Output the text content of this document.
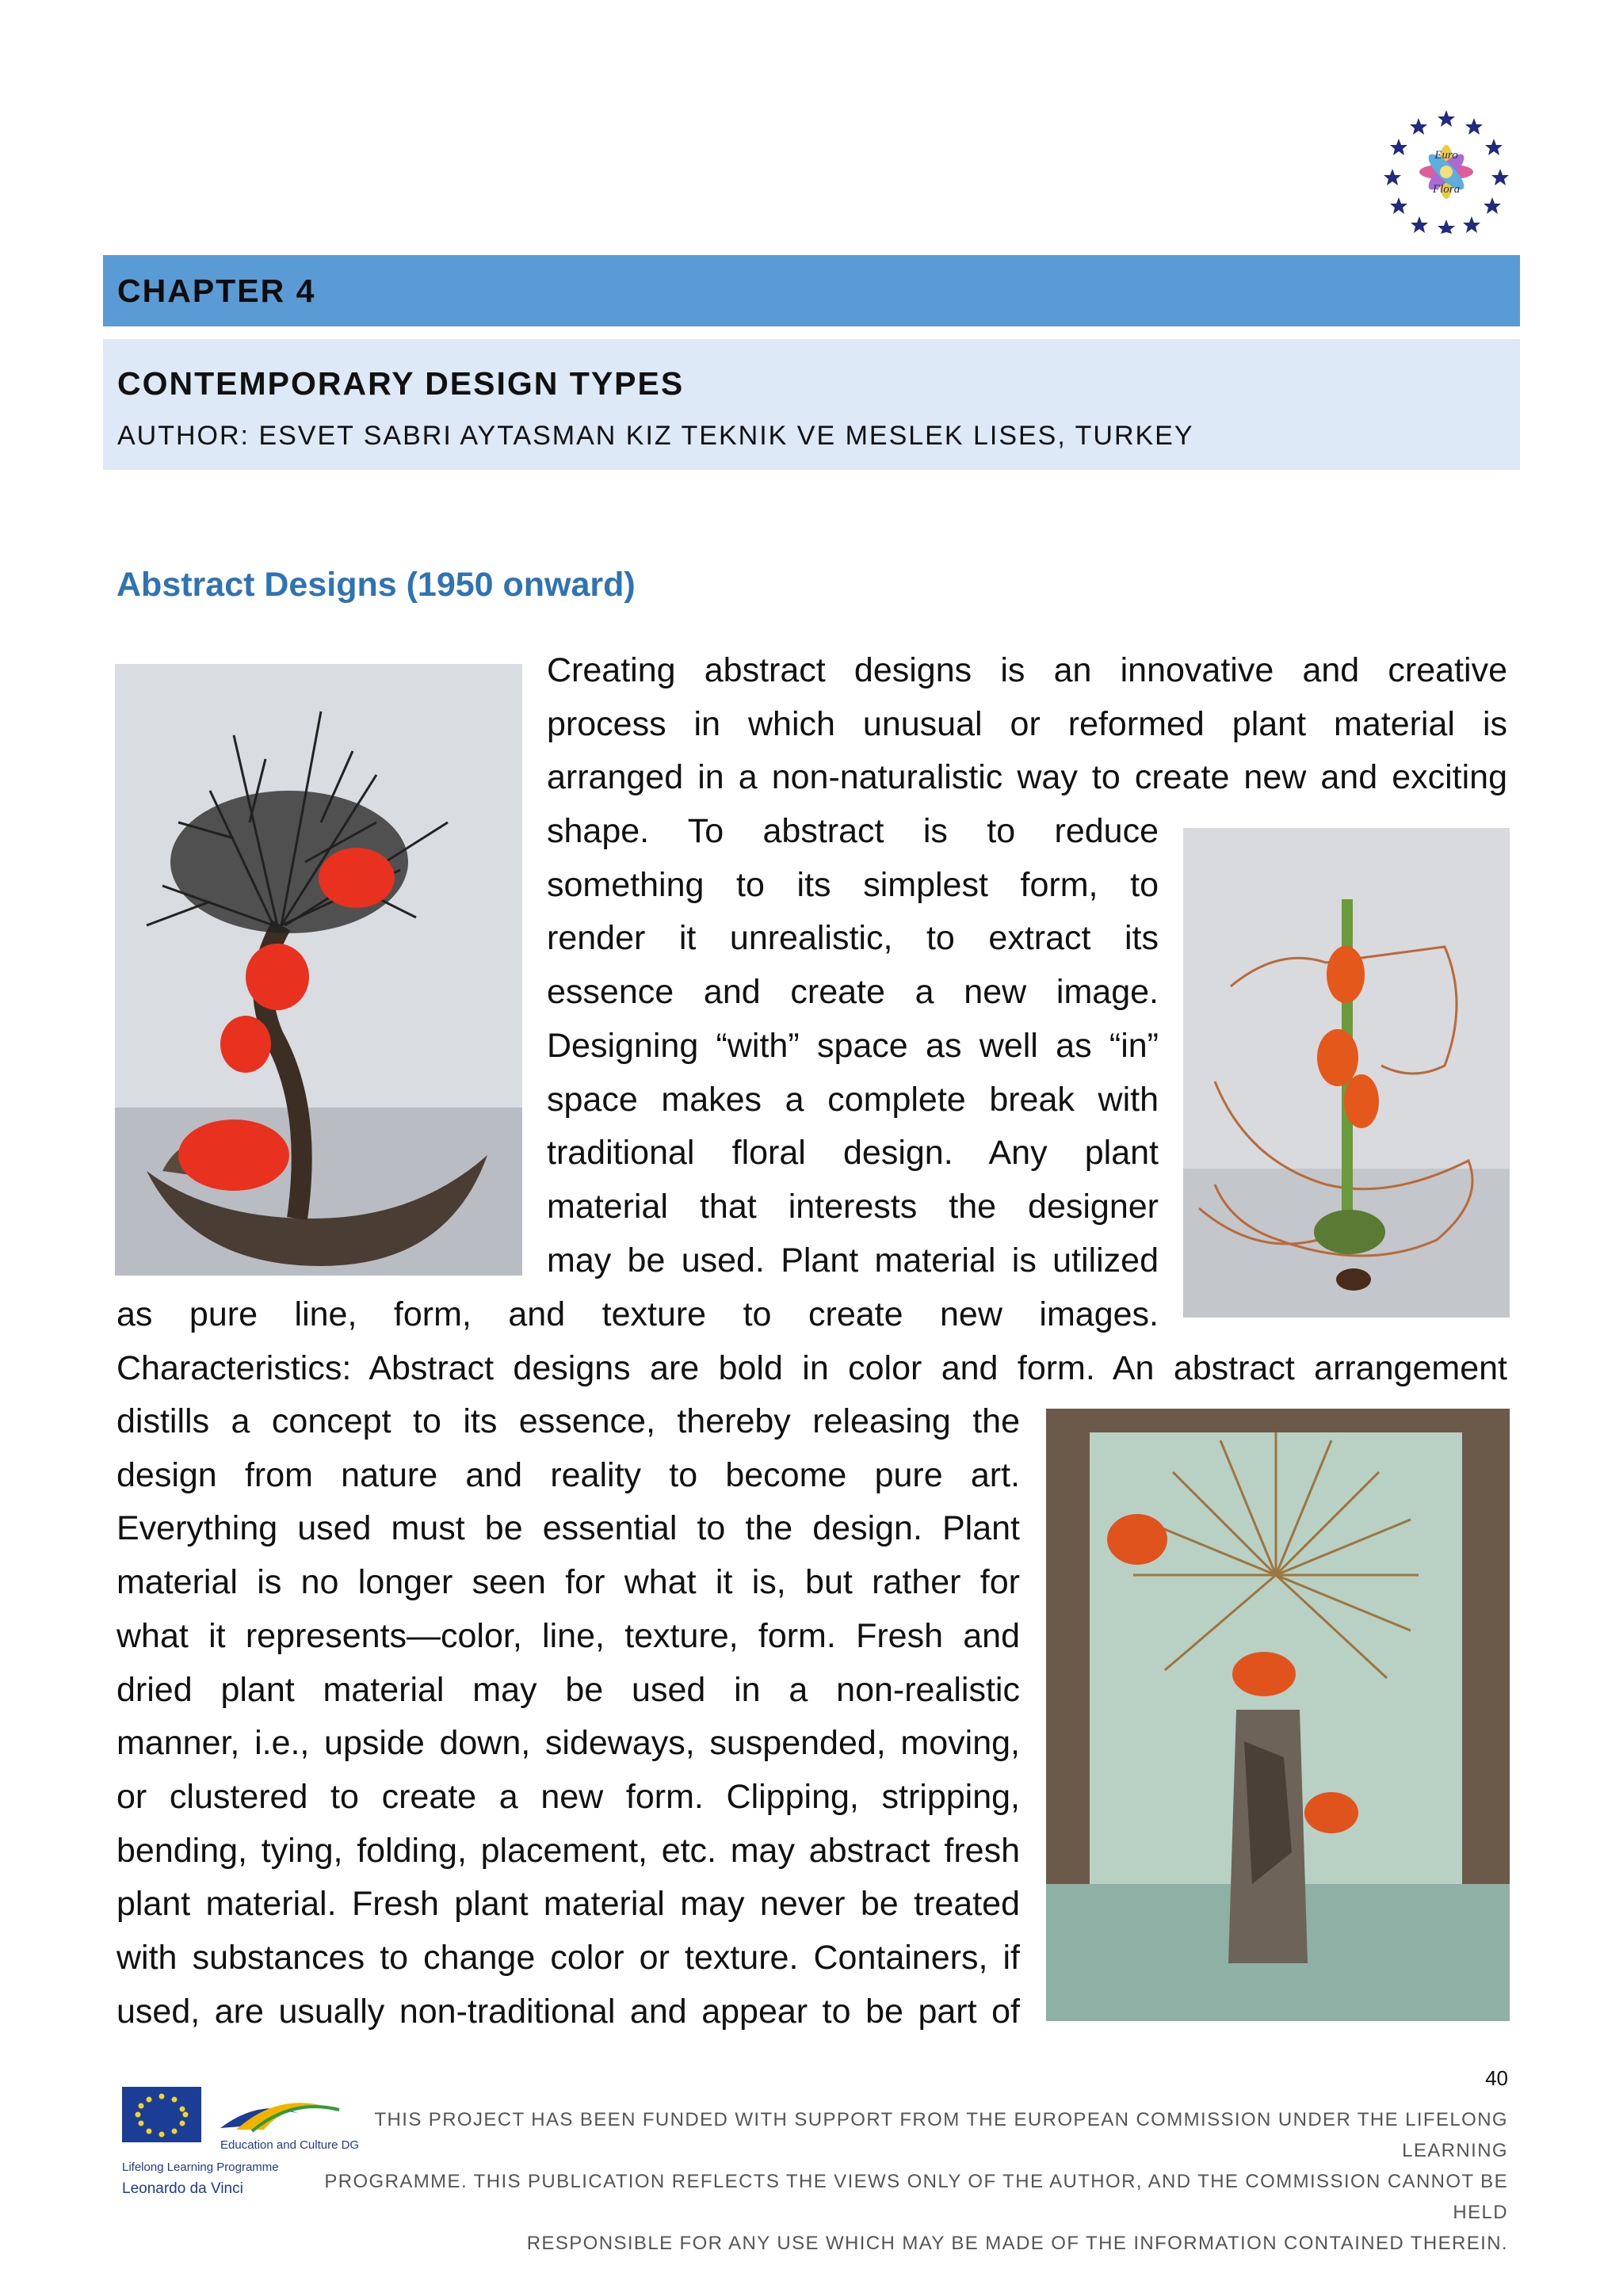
Euro
Flora
CHAPTER 4
CONTEMPORARY DESIGN TYPES
AUTHOR: ESVET SABRI AYTASMAN KIZ TEKNIK VE MESLEK LISES, TURKEY
Abstract Designs (1950 onward)
Creating abstract designs is an innovative and creative
process in which unusual or reformed plant material is
arranged in a non-naturalistic way to create new and exciting
shape. To abstract is to reduce
something to its simplest form, to
render it unrealistic, to extract its
essence and create a new image.
Designing “with” space as well as “in”
space makes a complete break with
traditional floral design. Any plant
material that interests the designer
may be used. Plant material is utilized
as pure line, form, and texture to create new images.
Characteristics: Abstract designs are bold in color and form. An abstract arrangement
distills a concept to its essence, thereby releasing the
design from nature and reality to become pure art.
Everything used must be essential to the design. Plant
material is no longer seen for what it is, but rather for
what it represents—color, line, texture, form. Fresh and
dried plant material may be used in a non-realistic
manner, i.e., upside down, sideways, suspended, moving,
or clustered to create a new form. Clipping, stripping,
bending, tying, folding, placement, etc. may abstract fresh
plant material. Fresh plant material may never be treated
with substances to change color or texture. Containers, if
used, are usually non-traditional and appear to be part of
40
Education and Culture DG
Lifelong Learning Programme
Leonardo da Vinci
THIS PROJECT HAS BEEN FUNDED WITH SUPPORT FROM THE EUROPEAN COMMISSION UNDER THE LIFELONG LEARNING
PROGRAMME. THIS PUBLICATION REFLECTS THE VIEWS ONLY OF THE AUTHOR, AND THE COMMISSION CANNOT BE HELD
RESPONSIBLE FOR ANY USE WHICH MAY BE MADE OF THE INFORMATION CONTAINED THEREIN.
